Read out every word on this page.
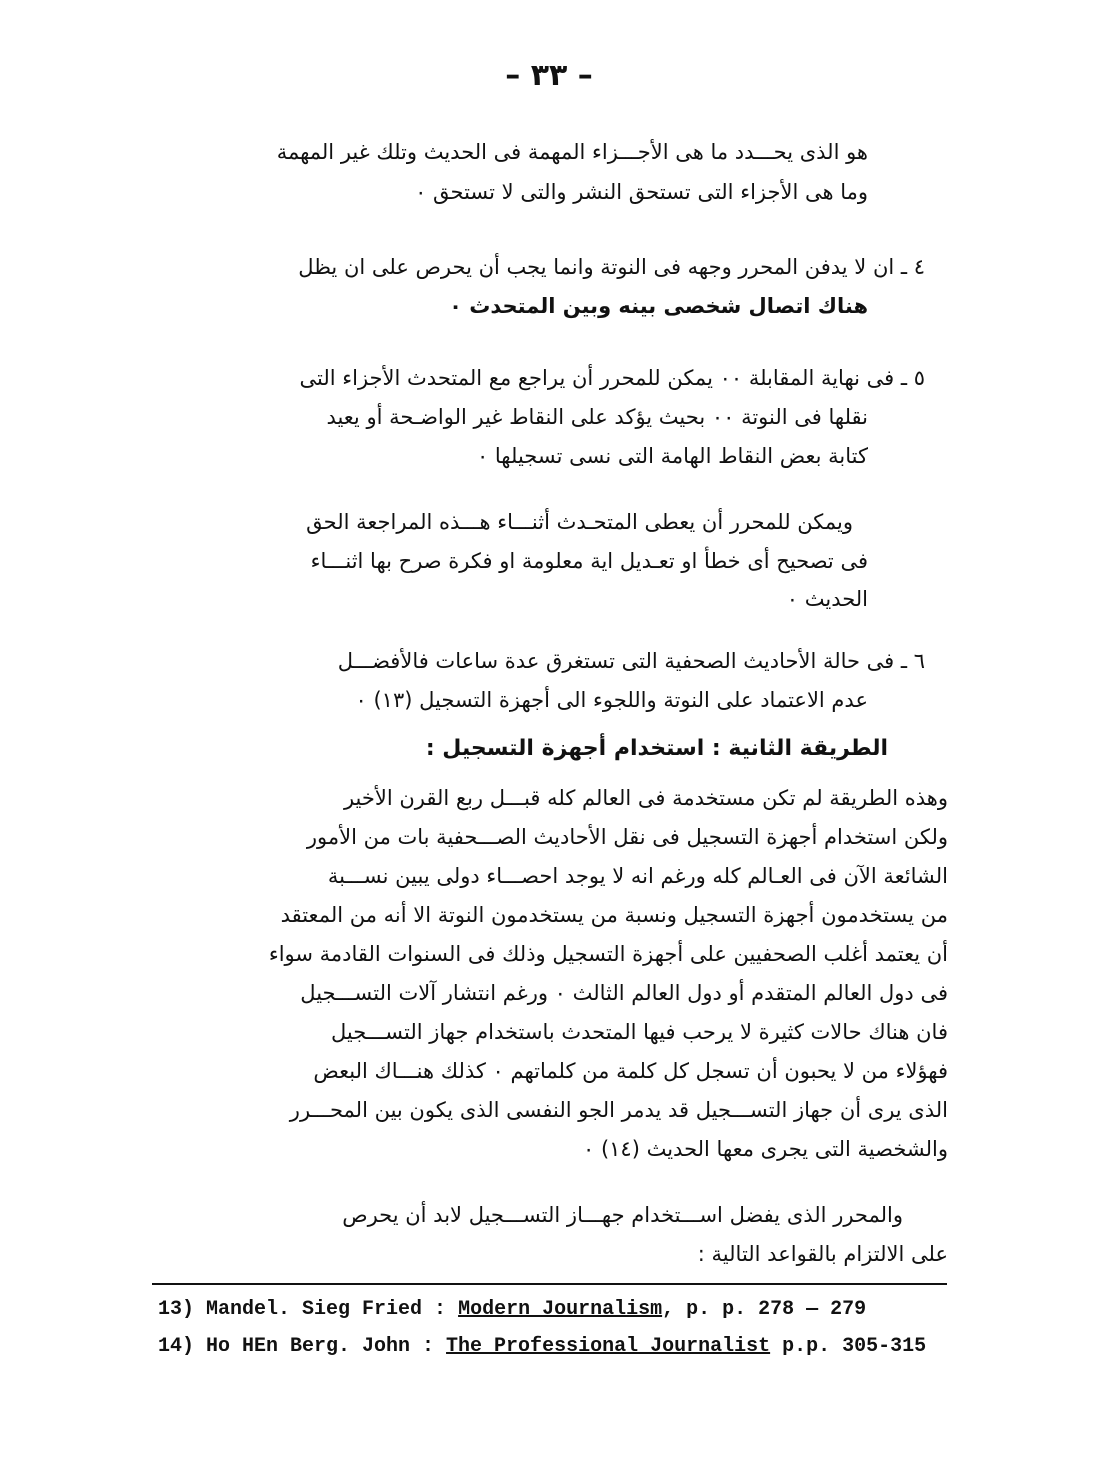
– ٣٣ –
هو الذى يحـــدد ما هى الأجـــزاء المهمة فى الحديث وتلك غير المهمة
وما هى الأجزاء التى تستحق النشر والتى لا تستحق ٠
٤ ـ ان لا يدفن المحرر وجهه فى النوتة وانما يجب أن يحرص على ان يظل
هناك اتصال شخصى بينه وبين المتحدث ٠
٥ ـ فى نهاية المقابلة ٠٠ يمكن للمحرر أن يراجع مع المتحدث الأجزاء التى
نقلها فى النوتة ٠٠ بحيث يؤكد على النقاط غير الواضـحة أو يعيد
كتابة بعض النقاط الهامة التى نسى تسجيلها ٠
ويمكن للمحرر أن يعطى المتحـدث أثنـــاء هـــذه المراجعة الحق
فى تصحيح أى خطأ او تعـديل اية معلومة او فكرة صرح بها اثنـــاء
الحديث ٠
٦ ـ فى حالة الأحاديث الصحفية التى تستغرق عدة ساعات فالأفضـــل
عدم الاعتماد على النوتة واللجوء الى أجهزة التسجيل (١٣) ٠
الطريقة الثانية : استخدام أجهزة التسجيل :
وهذه الطريقة لم تكن مستخدمة فى العالم كله قبـــل ربع القرن الأخير
ولكن استخدام أجهزة التسجيل فى نقل الأحاديث الصـــحفية بات من الأمور
الشائعة الآن فى العـالم كله ورغم انه لا يوجد احصـــاء دولى يبين نســـبة
من يستخدمون أجهزة التسجيل ونسبة من يستخدمون النوتة الا أنه من المعتقد
أن يعتمد أغلب الصحفيين على أجهزة التسجيل وذلك فى السنوات القادمة سواء
فى دول العالم المتقدم أو دول العالم الثالث ٠ ورغم انتشار آلات التســـجيل
فان هناك حالات كثيرة لا يرحب فيها المتحدث باستخدام جهاز التســـجيل
فهؤلاء من لا يحبون أن تسجل كل كلمة من كلماتهم ٠ كذلك هنـــاك البعض
الذى يرى أن جهاز التســـجيل قد يدمر الجو النفسى الذى يكون بين المحـــرر
والشخصية التى يجرى معها الحديث (١٤) ٠
والمحرر الذى يفضل اســـتخدام جهـــاز التســـجيل لابد أن يحرص
على الالتزام بالقواعد التالية :
13) Mandel. Sieg Fried : Modern Journalism, p. p. 278 — 279
14) Ho HEn Berg. John : The Professional Journalist p.p. 305-315
